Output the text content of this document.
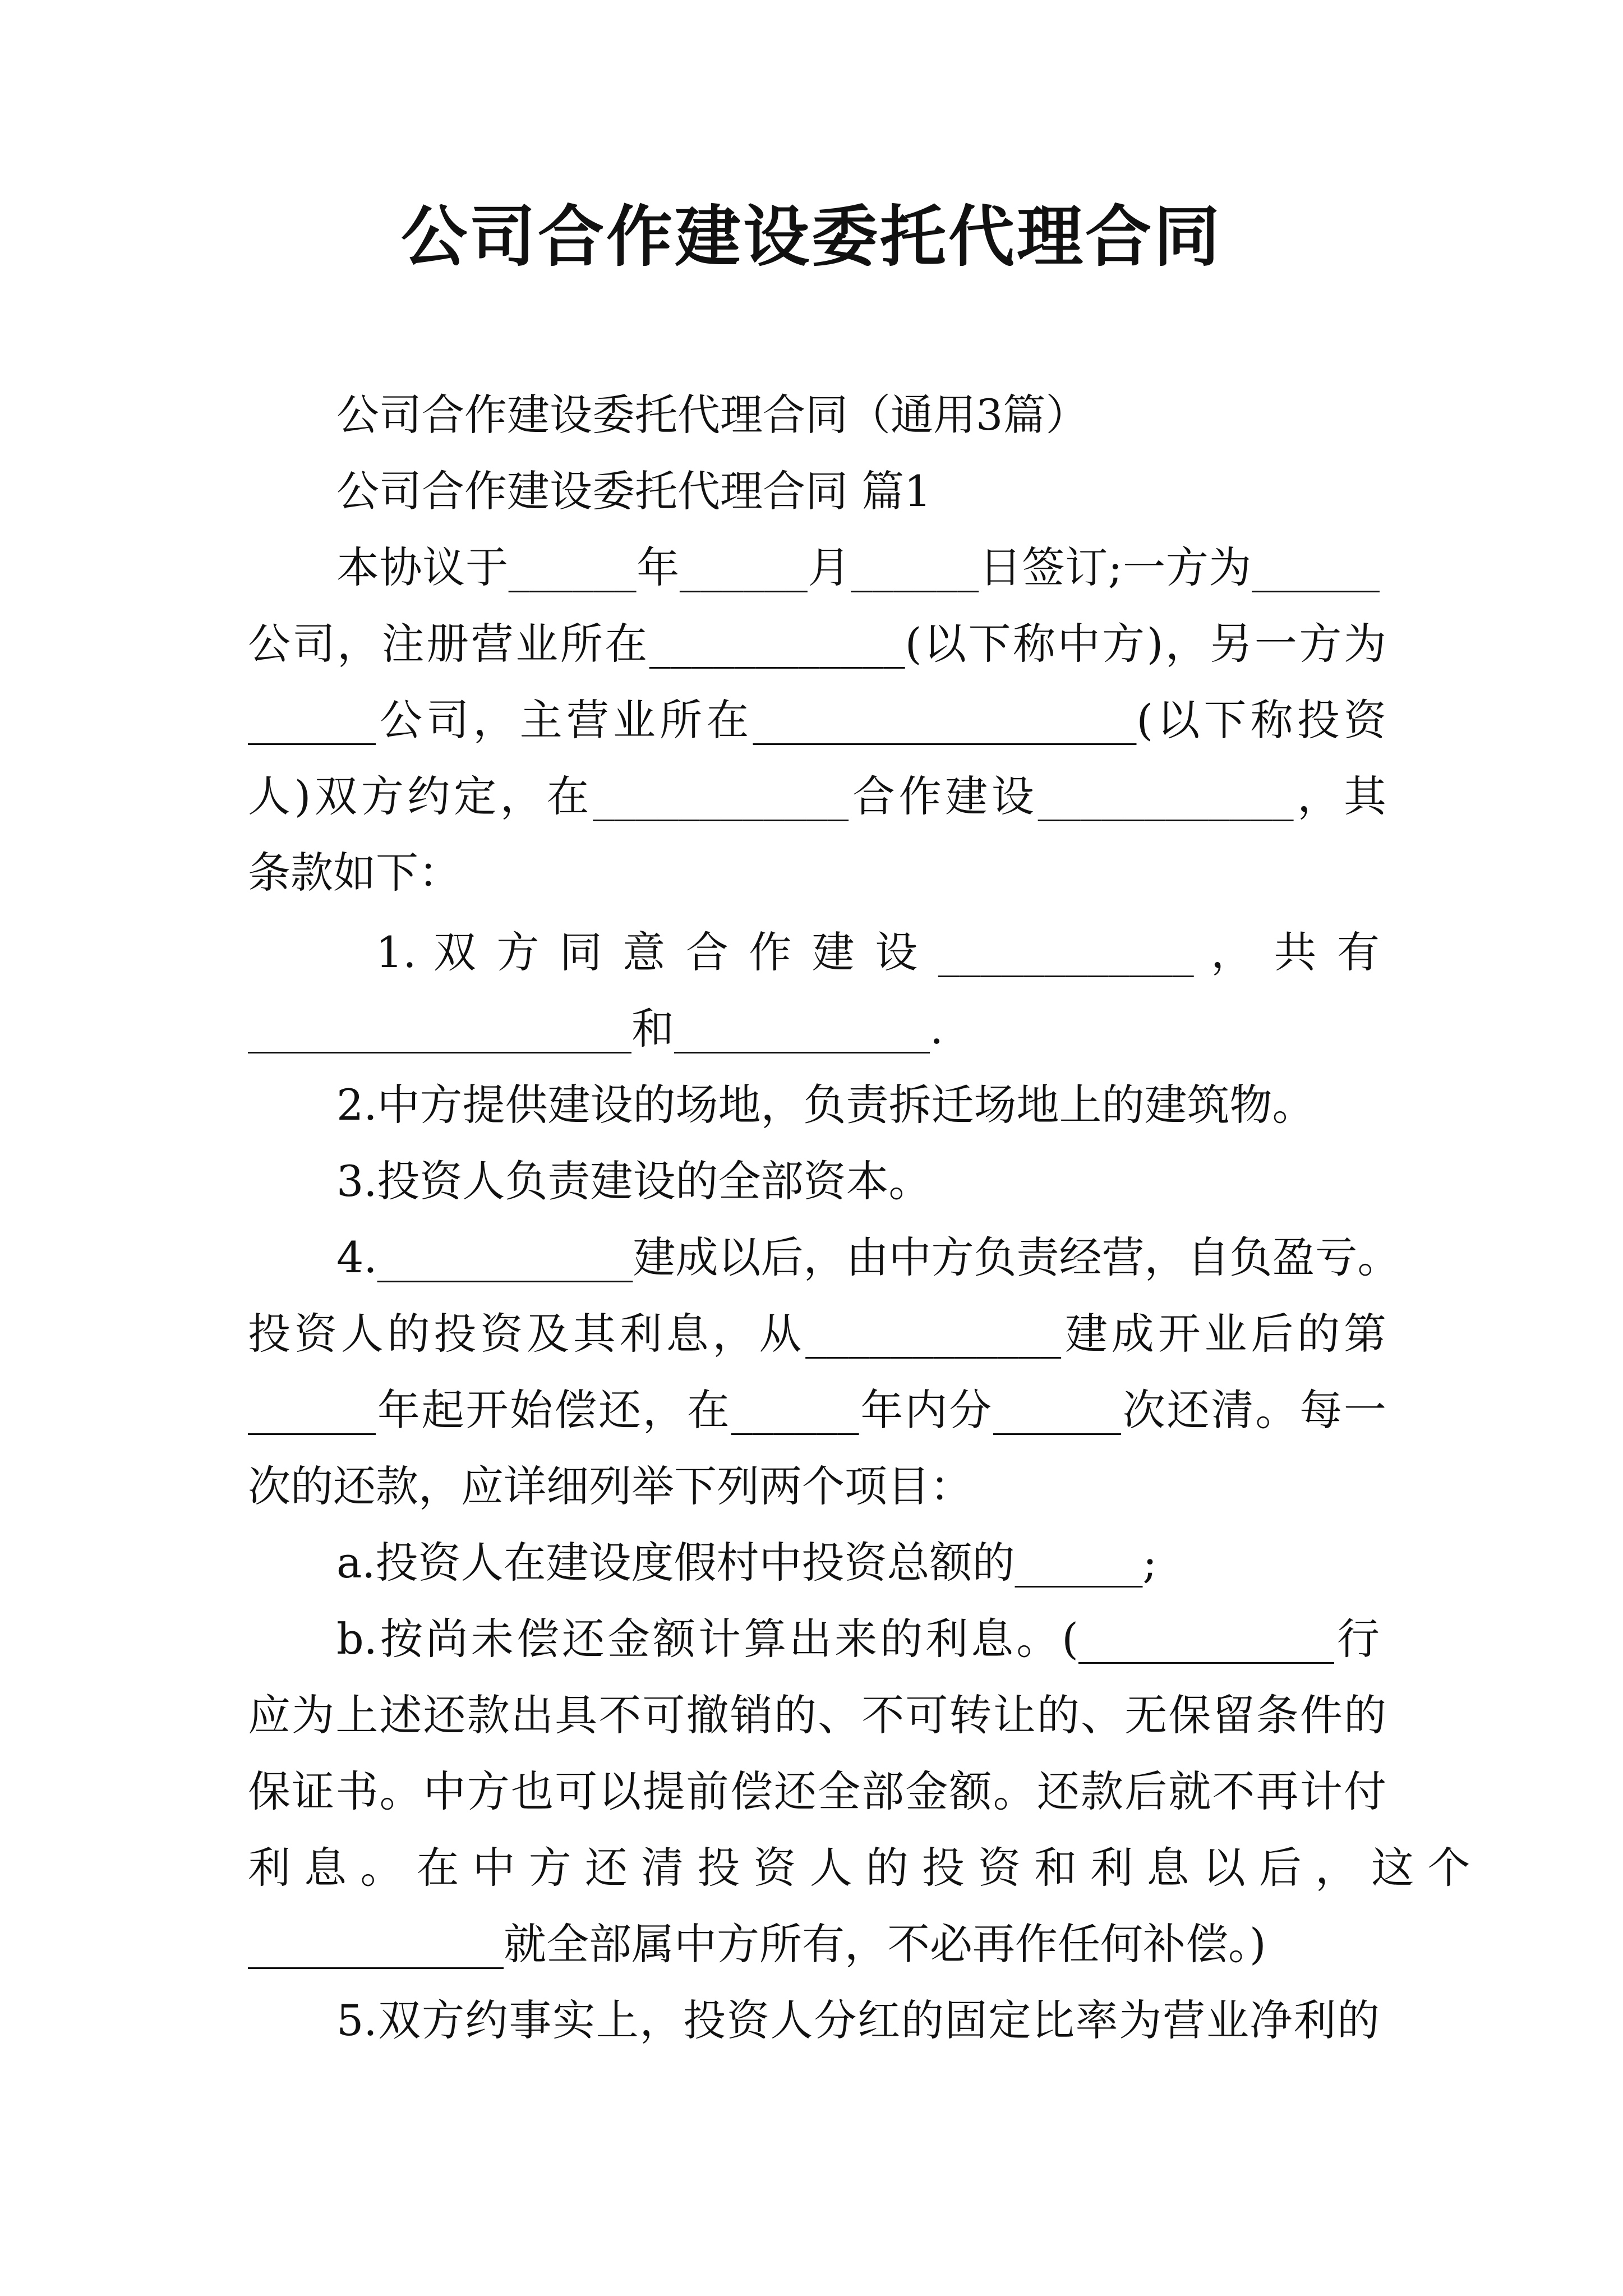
公司合作建设委托代理合同
公司合作建设委托代理合同（通用3篇）
公司合作建设委托代理合同 篇1
本协议于______年______月______日签订;一方为______
公司，注册营业所在____________(以下称中方)，另一方为
______公司，主营业所在__________________(以下称投资
人)双方约定，在____________合作建设____________，其
条款如下：
1. 双 方 同 意 合 作 建 设 ____________ ， 共 有
__________________和____________.
2.中方提供建设的场地，负责拆迁场地上的建筑物。
3.投资人负责建设的全部资本。
4.____________建成以后，由中方负责经营，自负盈亏。
投资人的投资及其利息，从____________建成开业后的第
______年起开始偿还，在______年内分______次还清。每一
次的还款，应详细列举下列两个项目：
a.投资人在建设度假村中投资总额的______;
b.按尚未偿还金额计算出来的利息。(____________行
应为上述还款出具不可撤销的、不可转让的、无保留条件的
保证书。中方也可以提前偿还全部金额。还款后就不再计付
利 息 。 在 中 方 还 清 投 资 人 的 投 资 和 利 息 以 后 ， 这 个
____________就全部属中方所有，不必再作任何补偿。)
5.双方约事实上，投资人分红的固定比率为营业净利的
